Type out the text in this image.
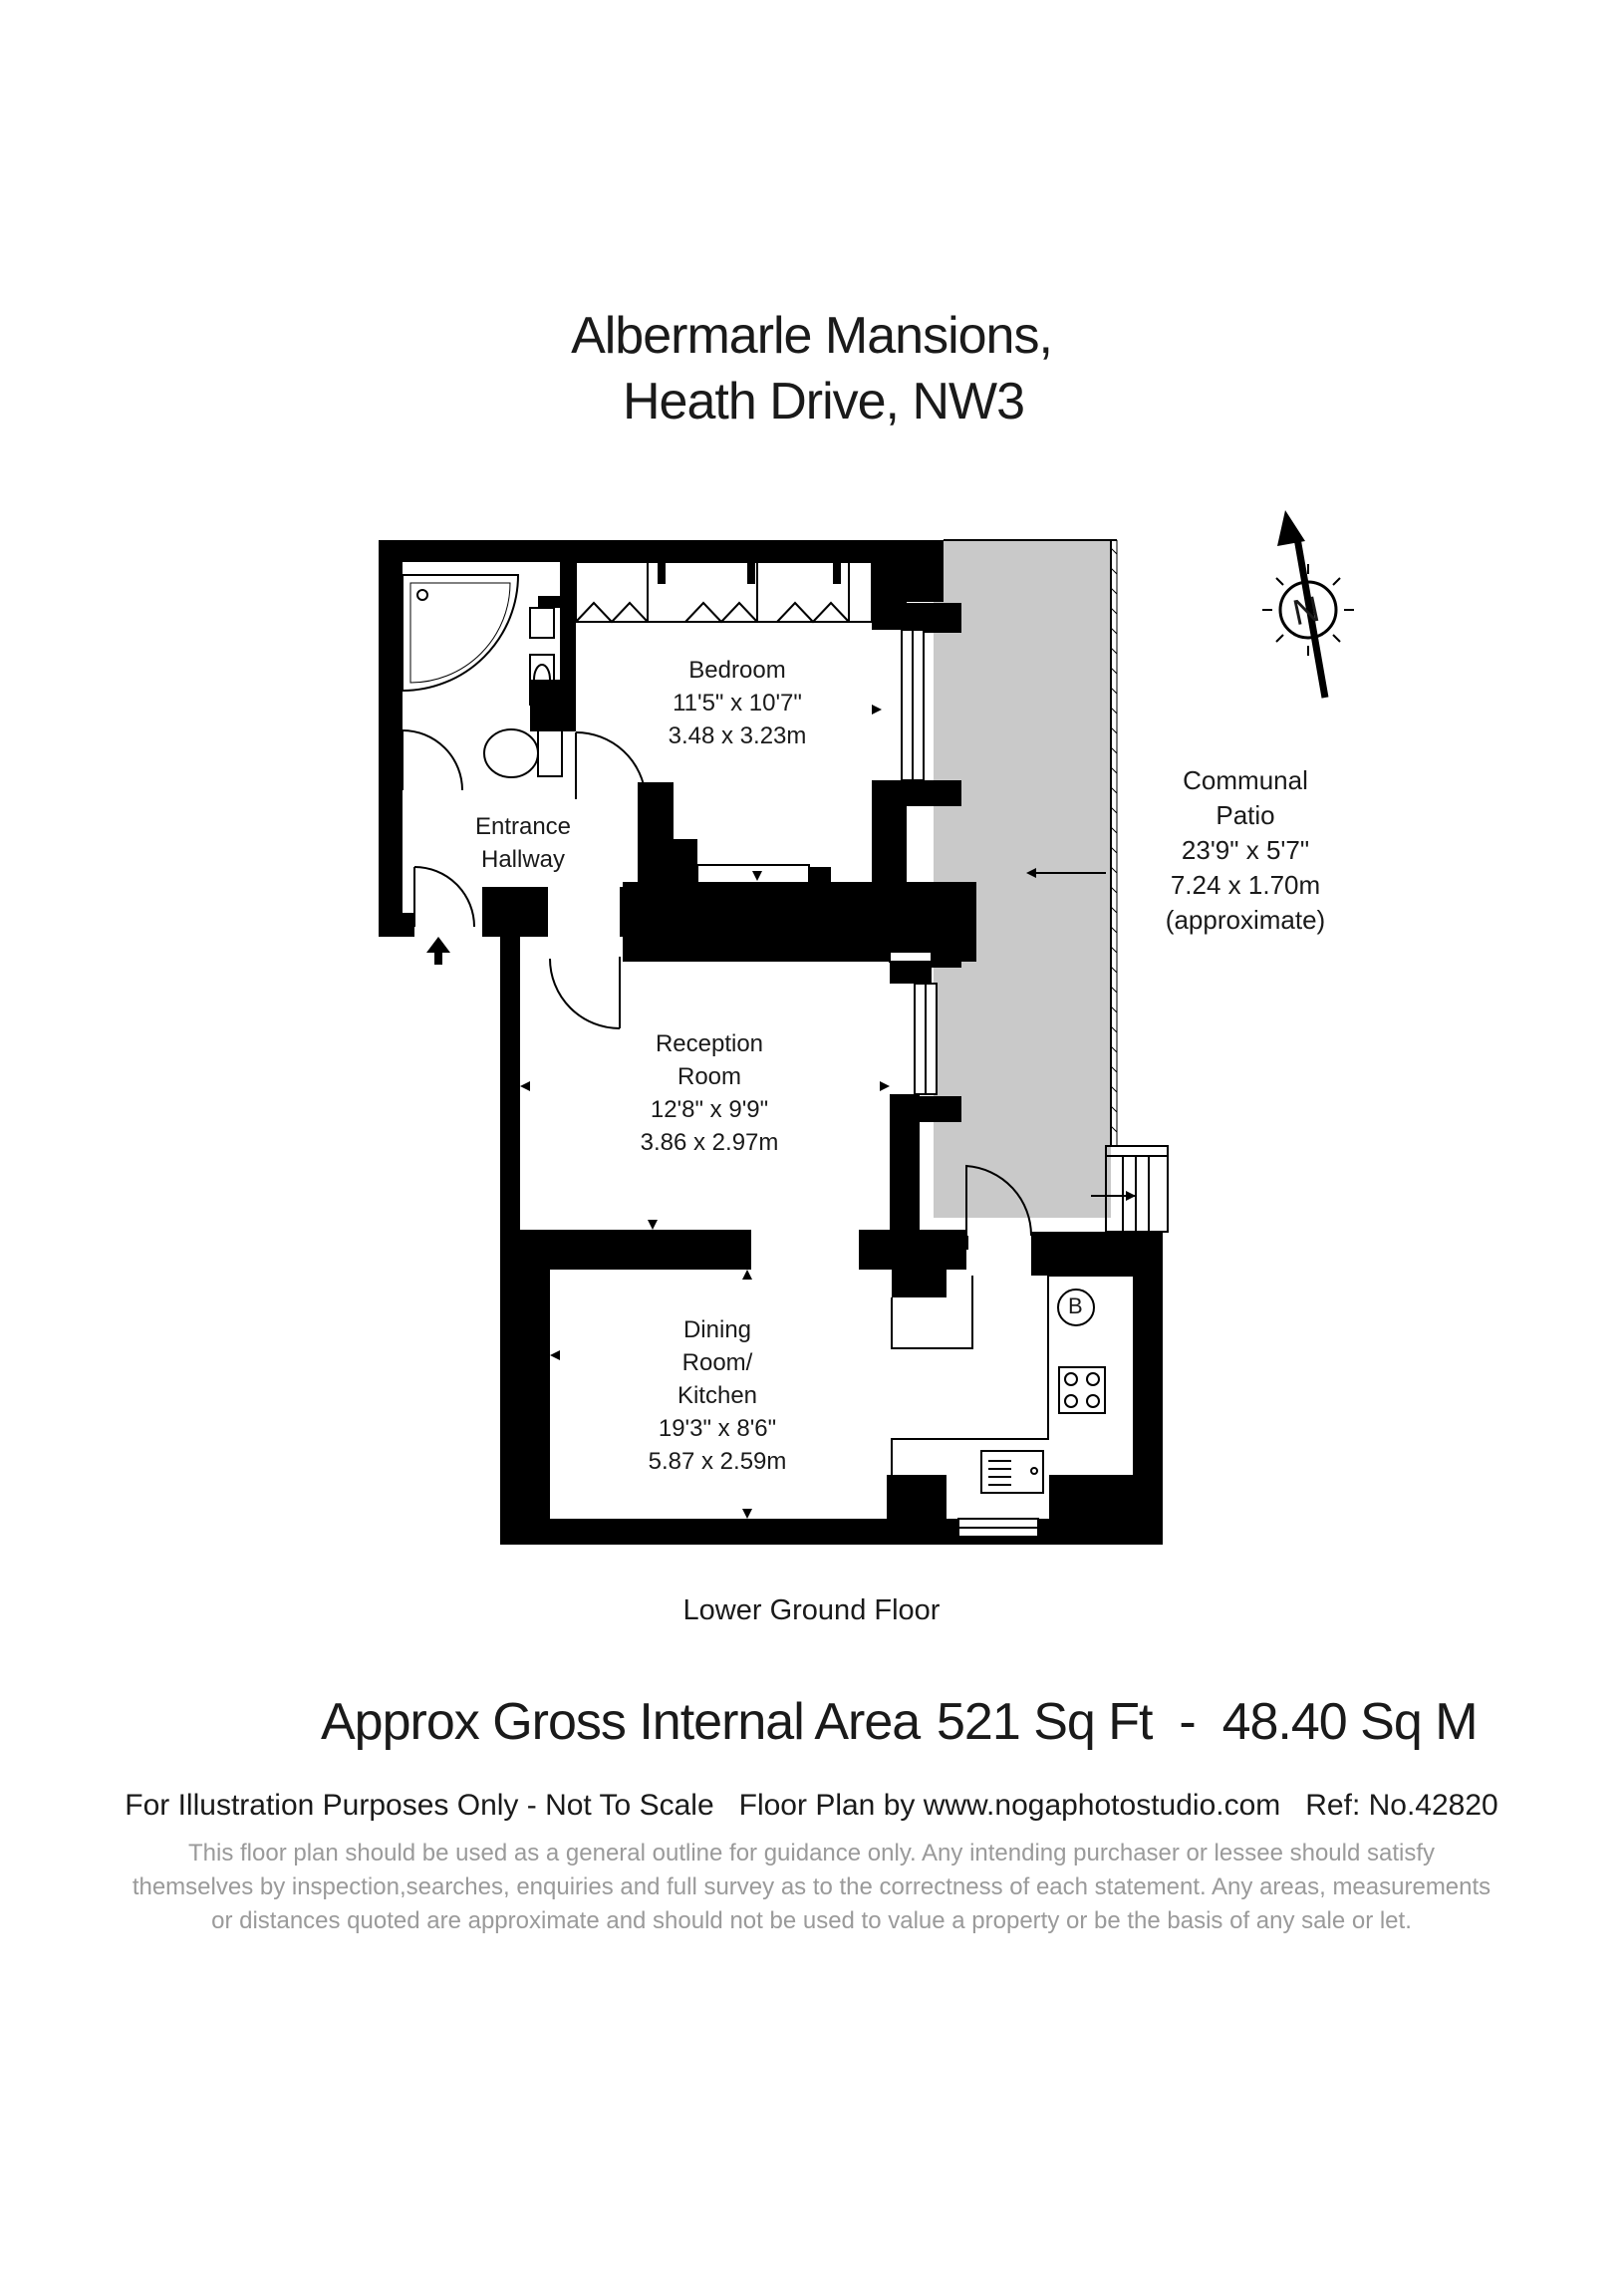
Albermarle Mansions,
Heath Drive, NW3
N
Bedroom
11'5" x 10'7"
3.48 x 3.23m
Entrance
Hallway
Communal
Patio
23'9" x 5'7"
7.24 x 1.70m
(approximate)
Reception
Room
12'8" x 9'9"
3.86 x 2.97m
Dining
Room/
Kitchen
19'3" x 8'6"
5.87 x 2.59m
B
Lower Ground Floor
Approx Gross Internal Area 521 Sq Ft  -  48.40 Sq M
For Illustration Purposes Only - Not To Scale   Floor Plan by www.nogaphotostudio.com   Ref: No.42820
This floor plan should be used as a general outline for guidance only. Any intending purchaser or lessee should satisfy
themselves by inspection,searches, enquiries and full survey as to the correctness of each statement. Any areas, measurements
or distances quoted are approximate and should not be used to value a property or be the basis of any sale or let.
